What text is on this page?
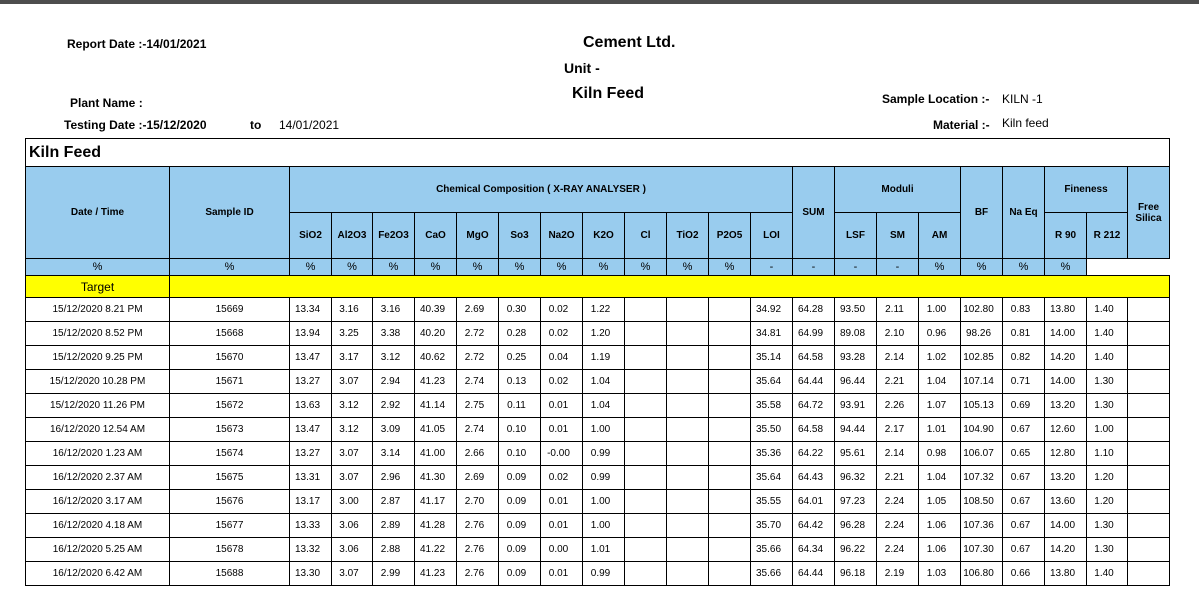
Report Date :-14/01/2021	Cement Ltd.
Unit -
Kiln Feed
Plant Name :
Testing Date :-15/12/2020	to 14/01/2021
Sample Location :- KILN -1
Material :- Kiln feed
Kiln Feed
Date / Time	Sample ID	Chemical Composition ( X-RAY ANALYSER )												SUM	Moduli			BF	Na Eq	Fineness		Free
Silica
		SiO2	Al2O3	Fe2O3	CaO	MgO	So3	Na2O	K2O	Cl	TiO2	P2O5	LOI		LSF	SM	AM			R 90	R 212	
%	%	%	%	%	%	%	%	%	%	%	%	%	-	-	-	-	%	%	%	%		
Target																						
15/12/2020 8.21 PM	15669	13.34	3.16	3.16	40.39	2.69	0.30	0.02	1.22				34.92	64.28	93.50	2.11	1.00	102.80	0.83	13.80	1.40	
15/12/2020 8.52 PM	15668	13.94	3.25	3.38	40.20	2.72	0.28	0.02	1.20				34.81	64.99	89.08	2.10	0.96	98.26	0.81	14.00	1.40	
15/12/2020 9.25 PM	15670	13.47	3.17	3.12	40.62	2.72	0.25	0.04	1.19				35.14	64.58	93.28	2.14	1.02	102.85	0.82	14.20	1.40	
15/12/2020 10.28 PM	15671	13.27	3.07	2.94	41.23	2.74	0.13	0.02	1.04				35.64	64.44	96.44	2.21	1.04	107.14	0.71	14.00	1.30	
15/12/2020 11.26 PM	15672	13.63	3.12	2.92	41.14	2.75	0.11	0.01	1.04				35.58	64.72	93.91	2.26	1.07	105.13	0.69	13.20	1.30	
16/12/2020 12.54 AM	15673	13.47	3.12	3.09	41.05	2.74	0.10	0.01	1.00				35.50	64.58	94.44	2.17	1.01	104.90	0.67	12.60	1.00	
16/12/2020 1.23 AM	15674	13.27	3.07	3.14	41.00	2.66	0.10	-0.00	0.99				35.36	64.22	95.61	2.14	0.98	106.07	0.65	12.80	1.10	
16/12/2020 2.37 AM	15675	13.31	3.07	2.96	41.30	2.69	0.09	0.02	0.99				35.64	64.43	96.32	2.21	1.04	107.32	0.67	13.20	1.20	
16/12/2020 3.17 AM	15676	13.17	3.00	2.87	41.17	2.70	0.09	0.01	1.00				35.55	64.01	97.23	2.24	1.05	108.50	0.67	13.60	1.20	
16/12/2020 4.18 AM	15677	13.33	3.06	2.89	41.28	2.76	0.09	0.01	1.00				35.70	64.42	96.28	2.24	1.06	107.36	0.67	14.00	1.30	
16/12/2020 5.25 AM	15678	13.32	3.06	2.88	41.22	2.76	0.09	0.00	1.01				35.66	64.34	96.22	2.24	1.06	107.30	0.67	14.20	1.30	
16/12/2020 6.42 AM	15688	13.30	3.07	2.99	41.23	2.76	0.09	0.01	0.99				35.66	64.44	96.18	2.19	1.03	106.80	0.66	13.80	1.40	
